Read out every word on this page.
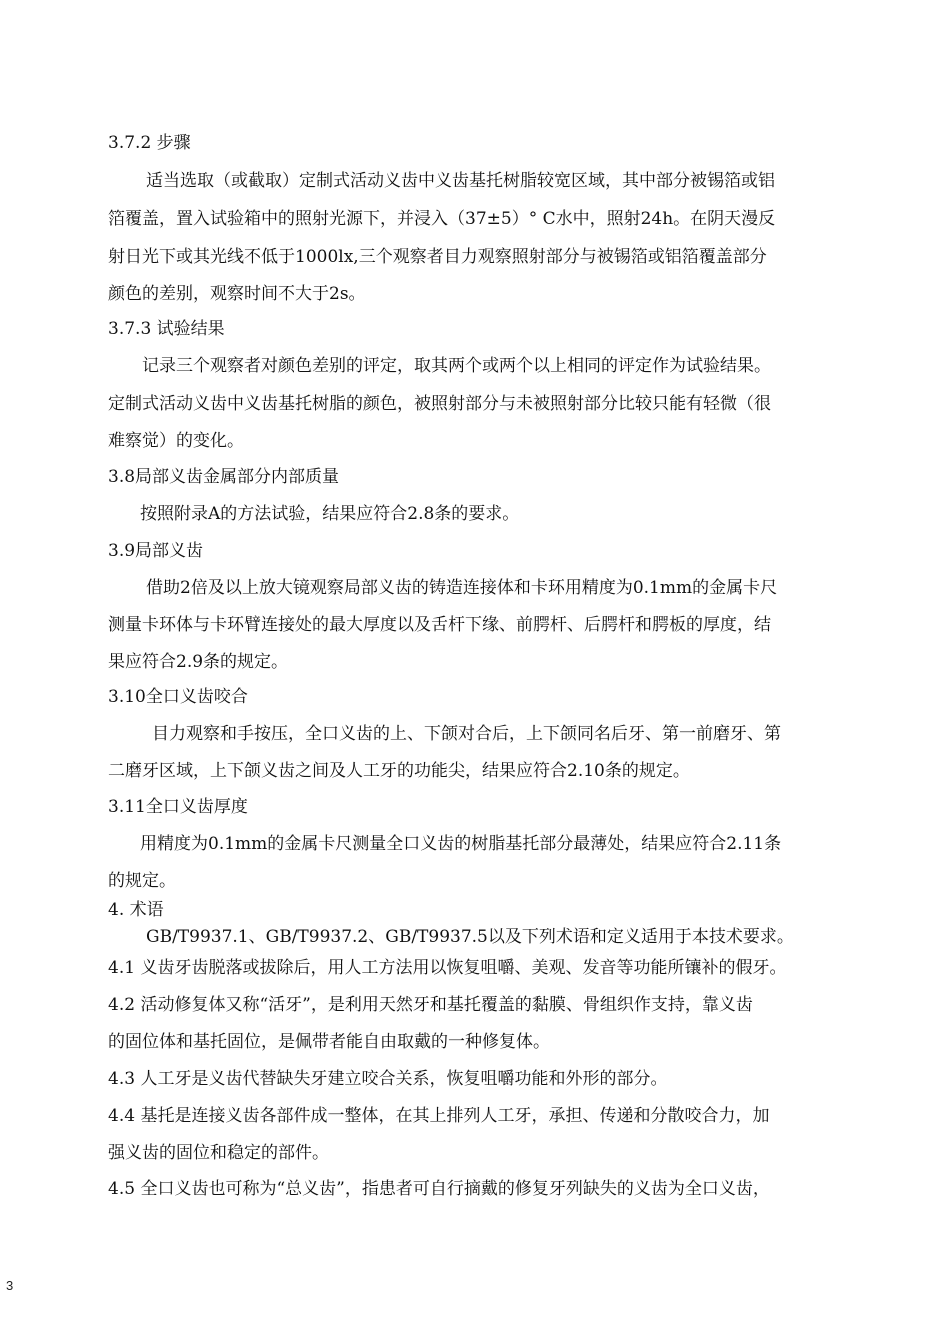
3.7.2 步骤
适当选取（或截取）定制式活动义齿中义齿基托树脂较宽区域，其中部分被锡箔或铝
箔覆盖，置入试验箱中的照射光源下，并浸入（37±5）° C水中，照射24h。在阴天漫反
射日光下或其光线不低于1000lx,三个观察者目力观察照射部分与被锡箔或铝箔覆盖部分
颜色的差别，观察时间不大于2s。
3.7.3 试验结果
记录三个观察者对颜色差别的评定，取其两个或两个以上相同的评定作为试验结果。
定制式活动义齿中义齿基托树脂的颜色，被照射部分与未被照射部分比较只能有轻微（很
难察觉）的变化。
3.8局部义齿金属部分内部质量
按照附录A的方法试验，结果应符合2.8条的要求。
3.9局部义齿
借助2倍及以上放大镜观察局部义齿的铸造连接体和卡环用精度为0.1mm的金属卡尺
测量卡环体与卡环臂连接处的最大厚度以及舌杆下缘、前腭杆、后腭杆和腭板的厚度，结
果应符合2.9条的规定。
3.10全口义齿咬合
目力观察和手按压，全口义齿的上、下颌对合后，上下颌同名后牙、第一前磨牙、第
二磨牙区域，上下颌义齿之间及人工牙的功能尖，结果应符合2.10条的规定。
3.11全口义齿厚度
用精度为0.1mm的金属卡尺测量全口义齿的树脂基托部分最薄处，结果应符合2.11条
的规定。
4. 术语
GB/T9937.1、GB/T9937.2、GB/T9937.5以及下列术语和定义适用于本技术要求。
4.1 义齿牙齿脱落或拔除后，用人工方法用以恢复咀嚼、美观、发音等功能所镶补的假牙。
4.2 活动修复体又称“活牙”，是利用天然牙和基托覆盖的黏膜、骨组织作支持，靠义齿
的固位体和基托固位，是佩带者能自由取戴的一种修复体。
4.3 人工牙是义齿代替缺失牙建立咬合关系，恢复咀嚼功能和外形的部分。
4.4 基托是连接义齿各部件成一整体，在其上排列人工牙，承担、传递和分散咬合力，加
强义齿的固位和稳定的部件。
4.5 全口义齿也可称为“总义齿”，指患者可自行摘戴的修复牙列缺失的义齿为全口义齿，
3
